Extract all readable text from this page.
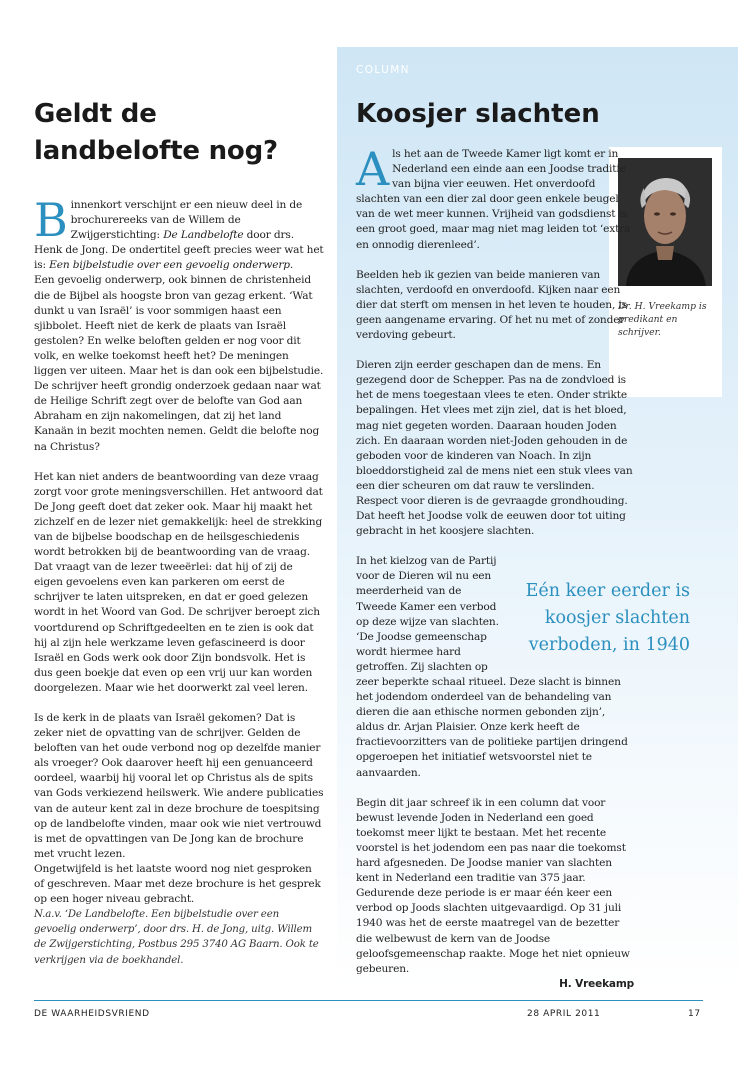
Geldt de landbelofte nog?

Binnenkort verschijnt er een nieuw deel in de brochurereeks van de Willem de Zwijgerstichting: De Landbelofte door drs. Henk de Jong. De ondertitel geeft precies weer wat het is: Een bijbelstudie over een gevoelig onderwerp.

Een gevoelig onderwerp, ook binnen de christenheid die de Bijbel als hoogste bron van gezag erkent. ‘Wat dunkt u van Israël’ is voor sommigen haast een sjibbolet. Heeft niet de kerk de plaats van Israël gestolen? En welke beloften gelden er nog voor dit volk, en welke toekomst heeft het? De meningen liggen ver uiteen. Maar het is dan ook een bijbelstudie. De schrijver heeft grondig onderzoek gedaan naar wat de Heilige Schrift zegt over de belofte van God aan Abraham en zijn nakomelingen, dat zij het land Kanaän in bezit mochten nemen. Geldt die belofte nog na Christus?

Het kan niet anders de beantwoording van deze vraag zorgt voor grote meningsverschillen. Het antwoord dat De Jong geeft doet dat zeker ook. Maar hij maakt het zichzelf en de lezer niet gemakkelijk: heel de strekking van de bijbelse boodschap en de heilsgeschiedenis wordt betrokken bij de beantwoording van de vraag.

Dat vraagt van de lezer tweeërlei: dat hij of zij de eigen gevoelens even kan parkeren om eerst de schrijver te laten uitspreken, en dat er goed gelezen wordt in het Woord van God. De schrijver beroept zich voortdurend op Schriftgedeelten en te zien is ook dat hij al zijn hele werkzame leven gefascineerd is door Israël en Gods werk ook door Zijn bondsvolk. Het is dus geen boekje dat even op een vrij uur kan worden doorgelezen. Maar wie het doorwerkt zal veel leren.

Is de kerk in de plaats van Israël gekomen? Dat is zeker niet de opvatting van de schrijver. Gelden de beloften van het oude verbond nog op dezelfde manier als vroeger? Ook daarover heeft hij een genuanceerd oordeel, waarbij hij vooral let op Christus als de spits van Gods verkiezend heilswerk. Wie andere publicaties van de auteur kent zal in deze brochure de toespitsing op de landbelofte vinden, maar ook wie niet vertrouwd is met de opvattingen van De Jong kan de brochure met vrucht lezen.

Ongetwijfeld is het laatste woord nog niet gesproken of geschreven. Maar met deze brochure is het gesprek op een hoger niveau gebracht.

N.a.v. ‘De Landbelofte. Een bijbelstudie over een gevoelig onderwerp’, door drs. H. de Jong, uitg. Willem de Zwijgerstichting, Postbus 295 3740 AG Baarn. Ook te verkrijgen via de boekhandel.

COLUMN
Koosjer slachten
Dr. H. Vreekamp is predikant en schrijver.

Als het aan de Tweede Kamer ligt komt er in Nederland een einde aan een Joodse traditie van bijna vier eeuwen. Het onverdoofd slachten van een dier zal door geen enkele beugel van de wet meer kunnen. Vrijheid van godsdienst is een groot goed, maar mag niet mag leiden tot ‘extra en onnodig dierenleed’.

Beelden heb ik gezien van beide manieren van slachten, verdoofd en onverdoofd. Kijken naar een dier dat sterft om mensen in het leven te houden, is geen aangename ervaring. Of het nu met of zonder verdoving gebeurt.

Dieren zijn eerder geschapen dan de mens. En gezegend door de Schepper. Pas na de zondvloed is het de mens toegestaan vlees te eten. Onder strikte bepalingen. Het vlees met zijn ziel, dat is het bloed, mag niet gegeten worden. Daaraan houden Joden zich. En daaraan worden niet-Joden gehouden in de geboden voor de kinderen van Noach. In zijn bloeddorstigheid zal de mens niet een stuk vlees van een dier scheuren om dat rauw te verslinden. Respect voor dieren is de gevraagde grondhouding. Dat heeft het Joodse volk de eeuwen door tot uiting gebracht in het koosjere slachten.

In het kielzog van de Partij voor de Dieren wil nu een meerderheid van de Tweede Kamer een verbod op deze wijze van slachten. ‘De Joodse gemeenschap wordt hiermee hard getroffen. Zij slachten op zeer beperkte schaal ritueel. Deze slacht is binnen het jodendom onderdeel van de behandeling van dieren die aan ethische normen gebonden zijn’, aldus dr. Arjan Plaisier. Onze kerk heeft de fractievoorzitters van de politieke partijen dringend opgeroepen het initiatief wetsvoorstel niet te aanvaarden.

Begin dit jaar schreef ik in een column dat voor bewust levende Joden in Nederland een goed toekomst meer lijkt te bestaan. Met het recente voorstel is het jodendom een pas naar die toekomst hard afgesneden. De Joodse manier van slachten kent in Nederland een traditie van 375 jaar. Gedurende deze periode is er maar één keer een verbod op Joods slachten uitgevaardigd. Op 31 juli 1940 was het de eerste maatregel van de bezetter die welbewust de kern van de Joodse geloofsgemeenschap raakte. Moge het niet opnieuw gebeuren.

H. Vreekamp

Eén keer eerder is koosjer slachten verboden, in 1940
DE WAARHEIDSVRIEND	28 APRIL 2011	17
